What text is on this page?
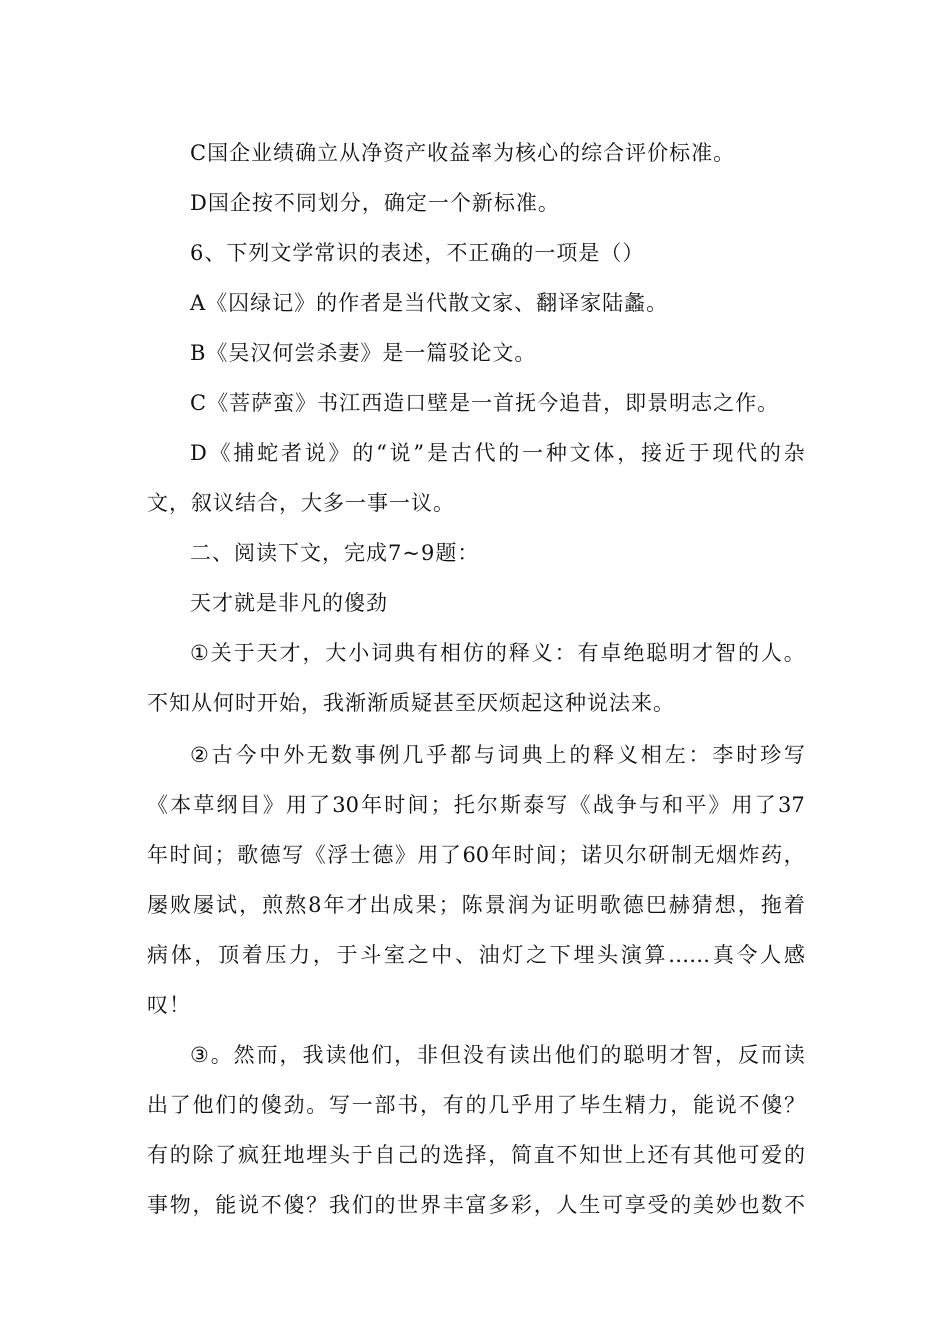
C国企业绩确立从净资产收益率为核心的综合评价标准。
D国企按不同划分，确定一个新标准。
6、下列文学常识的表述，不正确的一项是（）
A《囚绿记》的作者是当代散文家、翻译家陆蠡。
B《吴汉何尝杀妻》是一篇驳论文。
C《菩萨蛮》书江西造口壁是一首抚今追昔，即景明志之作。
D 《 捕 蛇 者 说 》 的 “ 说 ” 是 古 代 的 一 种 文 体 ， 接 近 于 现 代 的 杂
文，叙议结合，大多一事一议。
二、阅读下文，完成7~9题：
天才就是非凡的傻劲
① 关 于 天 才 ， 大 小 词 典 有 相 仿 的 释 义 ： 有 卓 绝 聪 明 才 智 的 人 。
不知从何时开始，我渐渐质疑甚至厌烦起这种说法来。
② 古 今 中 外 无 数 事 例 几 乎 都 与 词 典 上 的 释 义 相 左 ： 李 时 珍 写
《 本 草 纲 目 》 用 了 30 年 时 间 ； 托 尔 斯 泰 写 《 战 争 与 和 平 》 用 了 37
年 时 间 ； 歌 德 写 《 浮 士 德 》 用 了 60 年 时 间 ； 诺 贝 尔 研 制 无 烟 炸 药 ，
屡 败 屡 试 ， 煎 熬 8 年 才 出 成 果 ； 陈 景 润 为 证 明 歌 德 巴 赫 猜 想 ， 拖 着
病 体 ， 顶 着 压 力 ， 于 斗 室 之 中 、 油 灯 之 下 埋 头 演 算 …… 真 令 人 感
叹！
③ 。 然 而 ， 我 读 他 们 ， 非 但 没 有 读 出 他 们 的 聪 明 才 智 ， 反 而 读
出 了 他 们 的 傻 劲 。 写 一 部 书 ， 有 的 几 乎 用 了 毕 生 精 力 ， 能 说 不 傻 ？
有 的 除 了 疯 狂 地 埋 头 于 自 己 的 选 择 ， 简 直 不 知 世 上 还 有 其 他 可 爱 的
事 物 ， 能 说 不 傻 ？ 我 们 的 世 界 丰 富 多 彩 ， 人 生 可 享 受 的 美 妙 也 数 不
